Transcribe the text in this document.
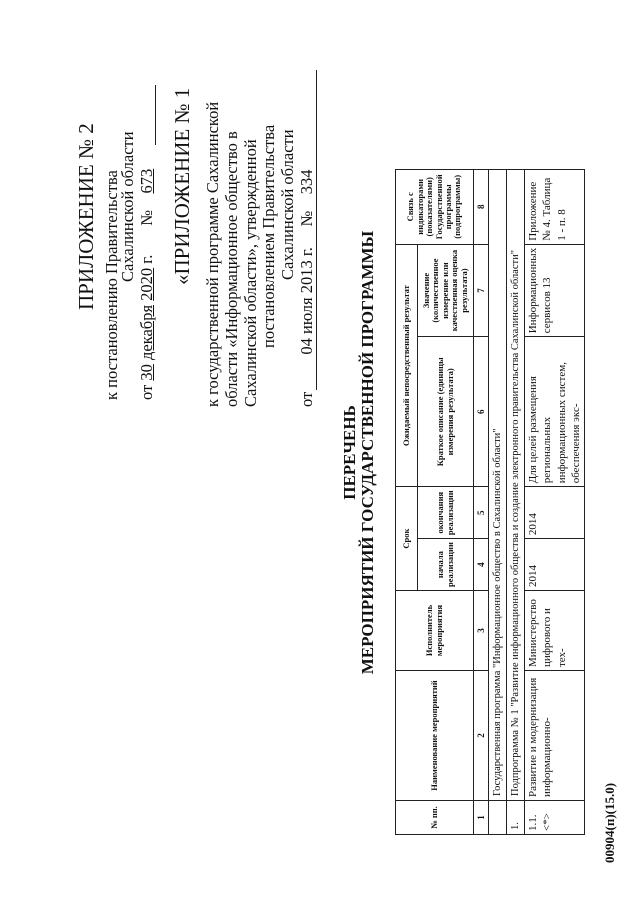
ПРИЛОЖЕНИЕ № 2 к постановлению Правительства
Сахалинской области
от 30 декабря 2020 г.       №    673 «ПРИЛОЖЕНИЕ № 1 к государственной программе Сахалинской области «Информационное общество в Сахалинской области», утвержденной постановлением Правительства Сахалинской области
от         04 июля 2013 г.     №    334
ПЕРЕЧЕНЬ МЕРОПРИЯТИЙ ГОСУДАРСТВЕННОЙ ПРОГРАММЫ
№ пп.	Наименование мероприятий	Исполнитель мероприятия	Срок		Ожидаемый непосредственный результат		Связь с индикаторами (показателями) Государственной программы (подпрограммы)
			начала реализации	окончания реализации	Краткое описание (единицы измерения результата)	Значение (количественное измерение или качественная оценка результата)	
1	2	3	4	5	6	7	8
	Государственная программа "Информационное общество в Сахалинской области"						
1.	Подпрограмма № 1 "Развитие информационного общества и создание электронного правительства Сахалинской области"						
1.1. <*>	Развитие и модернизация информационно-	Министерство цифрового и тех-	2014	2014	Для целей размещения региональных информационных систем, обеспечения экс-	Информационных сервисов 13	Приложение № 4. Таблица 1 - п. 8
00904(п)(15.0)
